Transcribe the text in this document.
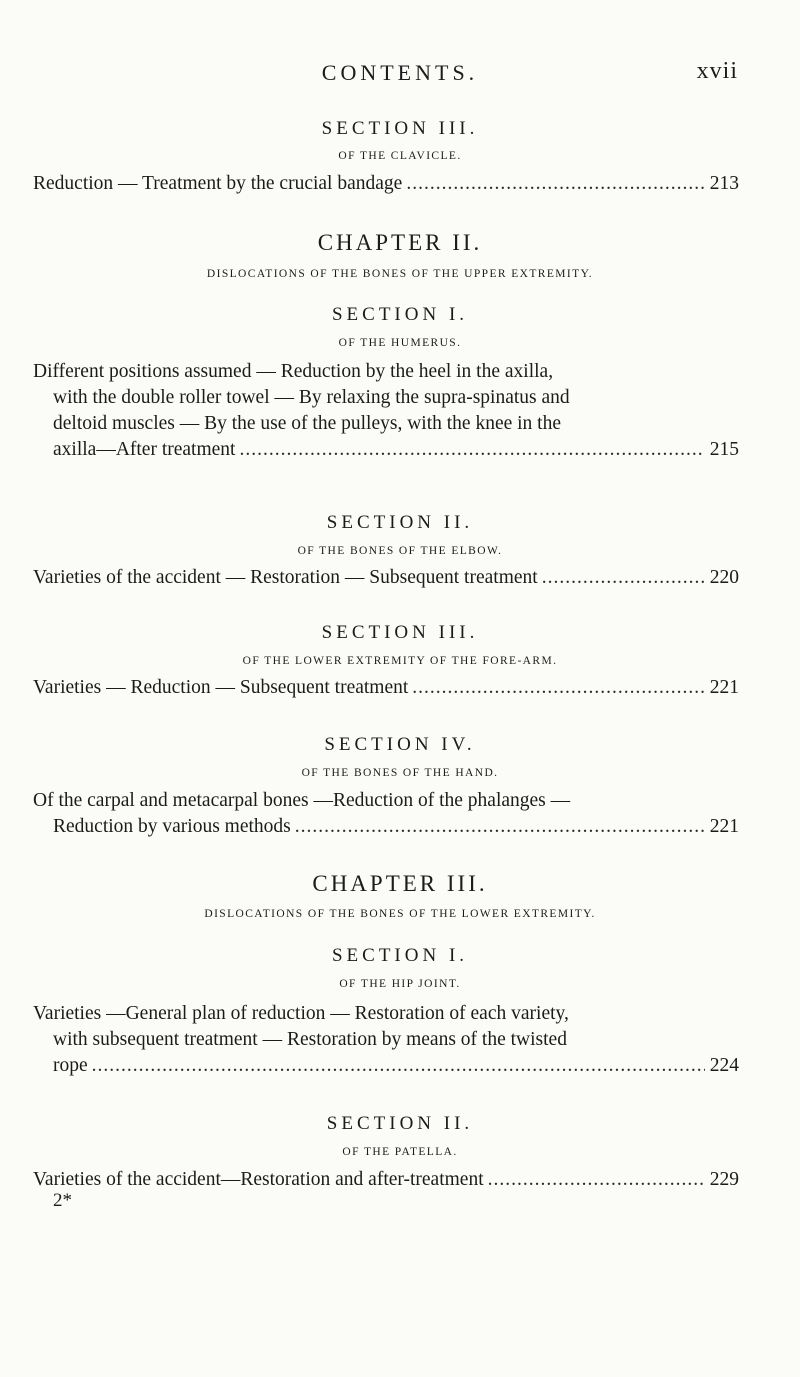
CONTENTS.	xvii
SECTION III.
OF THE CLAVICLE.
Reduction — Treatment by the crucial bandage .....	213
CHAPTER II.
DISLOCATIONS OF THE BONES OF THE UPPER EXTREMITY.
SECTION I.
OF THE HUMERUS.
Different positions assumed — Reduction by the heel in the axilla,
with the double roller towel — By relaxing the supra-spinatus and
deltoid muscles — By the use of the pulleys, with the knee in the
axilla—After treatment .....	215
SECTION II.
OF THE BONES OF THE ELBOW.
Varieties of the accident — Restoration — Subsequent treatment .....	220
SECTION III.
OF THE LOWER EXTREMITY OF THE FORE-ARM.
Varieties — Reduction — Subsequent treatment .....	221
SECTION IV.
OF THE BONES OF THE HAND.
Of the carpal and metacarpal bones —Reduction of the phalanges —
Reduction by various methods .....	221
CHAPTER III.
DISLOCATIONS OF THE BONES OF THE LOWER EXTREMITY.
SECTION I.
OF THE HIP JOINT.
Varieties —General plan of reduction — Restoration of each variety,
with subsequent treatment — Restoration by means of the twisted
rope .....	224
SECTION II.
OF THE PATELLA.
Varieties of the accident—Restoration and after-treatment .....	229
2*
